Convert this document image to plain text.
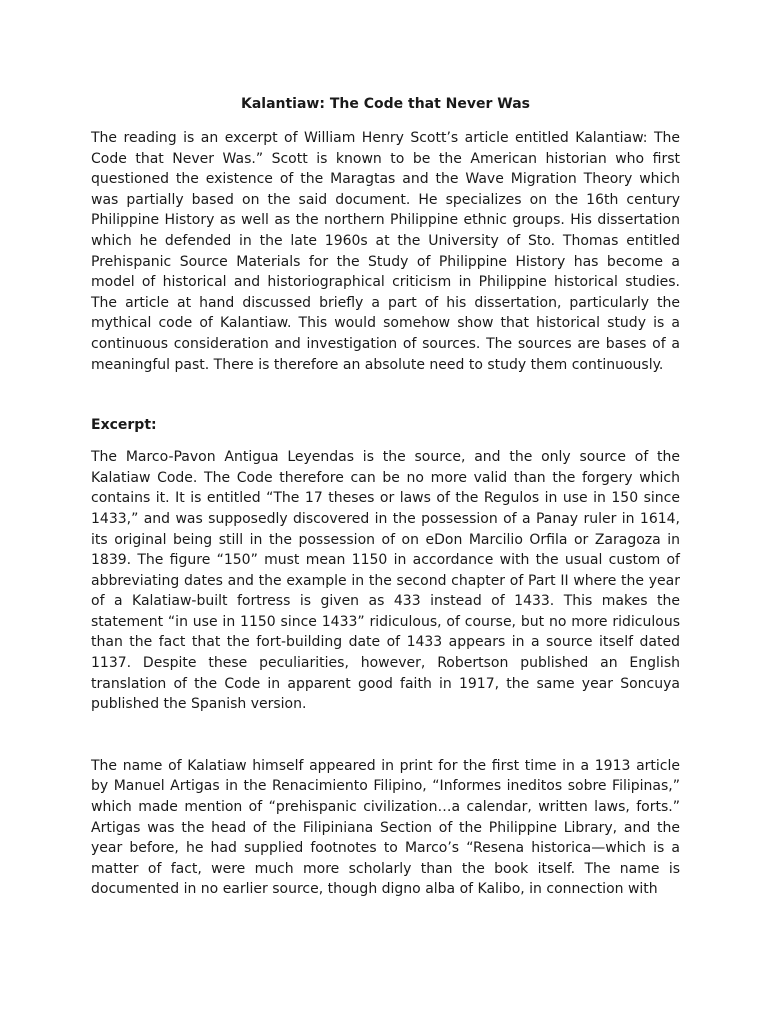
Kalantiaw: The Code that Never Was

The reading is an excerpt of William Henry Scott’s article entitled Kalantiaw: The Code that Never Was.” Scott is known to be the American historian who first questioned the existence of the Maragtas and the Wave Migration Theory which was partially based on the said document. He specializes on the 16th century Philippine History as well as the northern Philippine ethnic groups. His dissertation which he defended in the late 1960s at the University of Sto. Thomas entitled Prehispanic Source Materials for the Study of Philippine History has become a model of historical and historiographical criticism in Philippine historical studies. The article at hand discussed briefly a part of his dissertation, particularly the mythical code of Kalantiaw. This would somehow show that historical study is a continuous consideration and investigation of sources. The sources are bases of a meaningful past. There is therefore an absolute need to study them continuously.

Excerpt:

The Marco-Pavon Antigua Leyendas is the source, and the only source of the Kalatiaw Code. The Code therefore can be no more valid than the forgery which contains it. It is entitled “The 17 theses or laws of the Regulos in use in 150 since 1433,” and was supposedly discovered in the possession of a Panay ruler in 1614, its original being still in the possession of on eDon Marcilio Orfila or Zaragoza in 1839. The figure “150” must mean 1150 in accordance with the usual custom of abbreviating dates and the example in the second chapter of Part II where the year of a Kalatiaw-built fortress is given as 433 instead of 1433. This makes the statement “in use in 1150 since 1433” ridiculous, of course, but no more ridiculous than the fact that the fort-building date of 1433 appears in a source itself dated 1137. Despite these peculiarities, however, Robertson published an English translation of the Code in apparent good faith in 1917, the same year Soncuya published the Spanish version.

The name of Kalatiaw himself appeared in print for the first time in a 1913 article by Manuel Artigas in the Renacimiento Filipino, “Informes ineditos sobre Filipinas,” which made mention of “prehispanic civilization…a calendar, written laws, forts.” Artigas was the head of the Filipiniana Section of the Philippine Library, and the year before, he had supplied footnotes to Marco’s “Resena historica—which is a matter of fact, were much more scholarly than the book itself. The name is documented in no earlier source, though digno alba of Kalibo, in connection with
